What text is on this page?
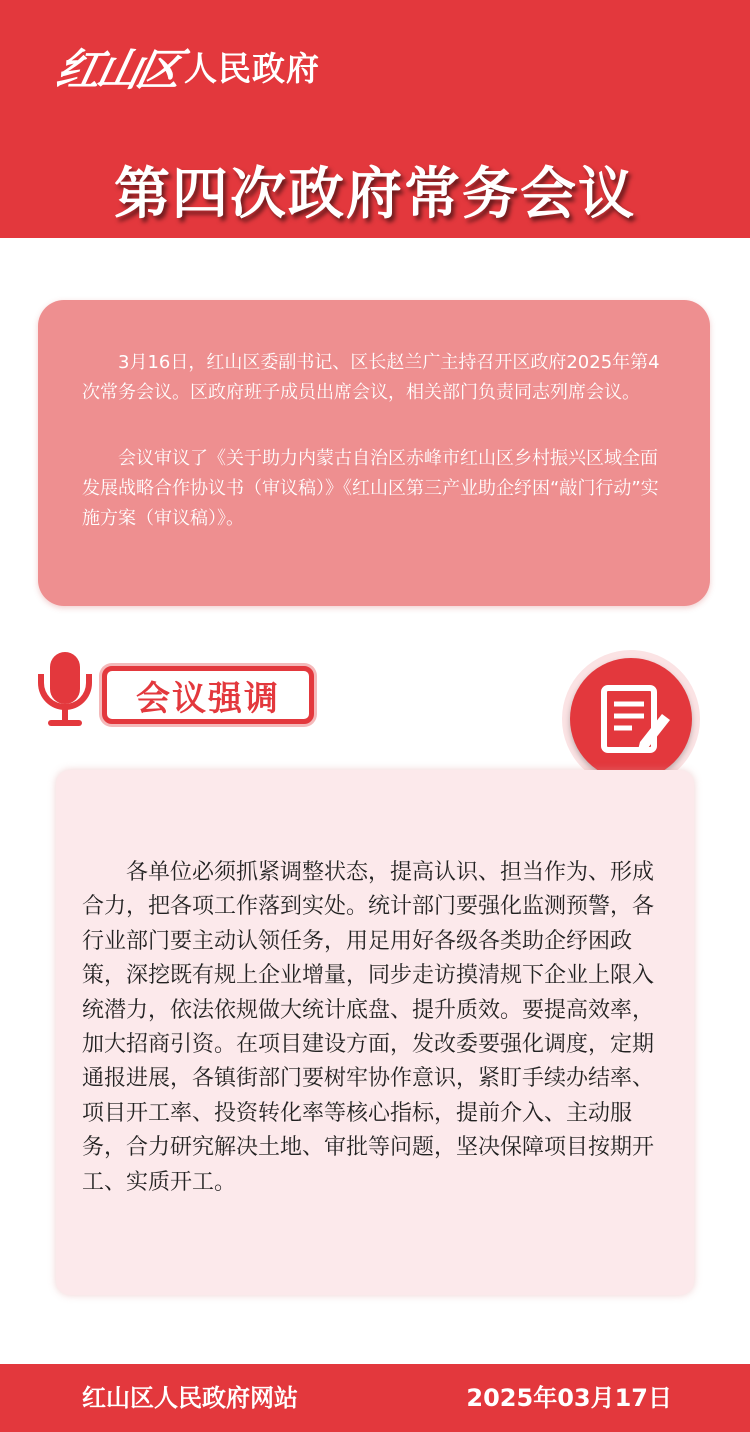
红山区 人民政府
第四次政府常务会议

3月16日，红山区委副书记、区长赵兰广主持召开区政府2025年第4次常务会议。区政府班子成员出席会议，相关部门负责同志列席会议。

会议审议了《关于助力内蒙古自治区赤峰市红山区乡村振兴区域全面发展战略合作协议书（审议稿）》《红山区第三产业助企纾困“敲门行动”实施方案（审议稿）》。

会议强调

各单位必须抓紧调整状态，提高认识、担当作为、形成合力，把各项工作落到实处。统计部门要强化监测预警，各行业部门要主动认领任务，用足用好各级各类助企纾困政策，深挖既有规上企业增量，同步走访摸清规下企业上限入统潜力，依法依规做大统计底盘、提升质效。要提高效率，加大招商引资。在项目建设方面，发改委要强化调度，定期通报进展，各镇街部门要树牢协作意识，紧盯手续办结率、项目开工率、投资转化率等核心指标，提前介入、主动服务，合力研究解决土地、审批等问题，坚决保障项目按期开工、实质开工。

红山区人民政府网站	2025年03月17日
